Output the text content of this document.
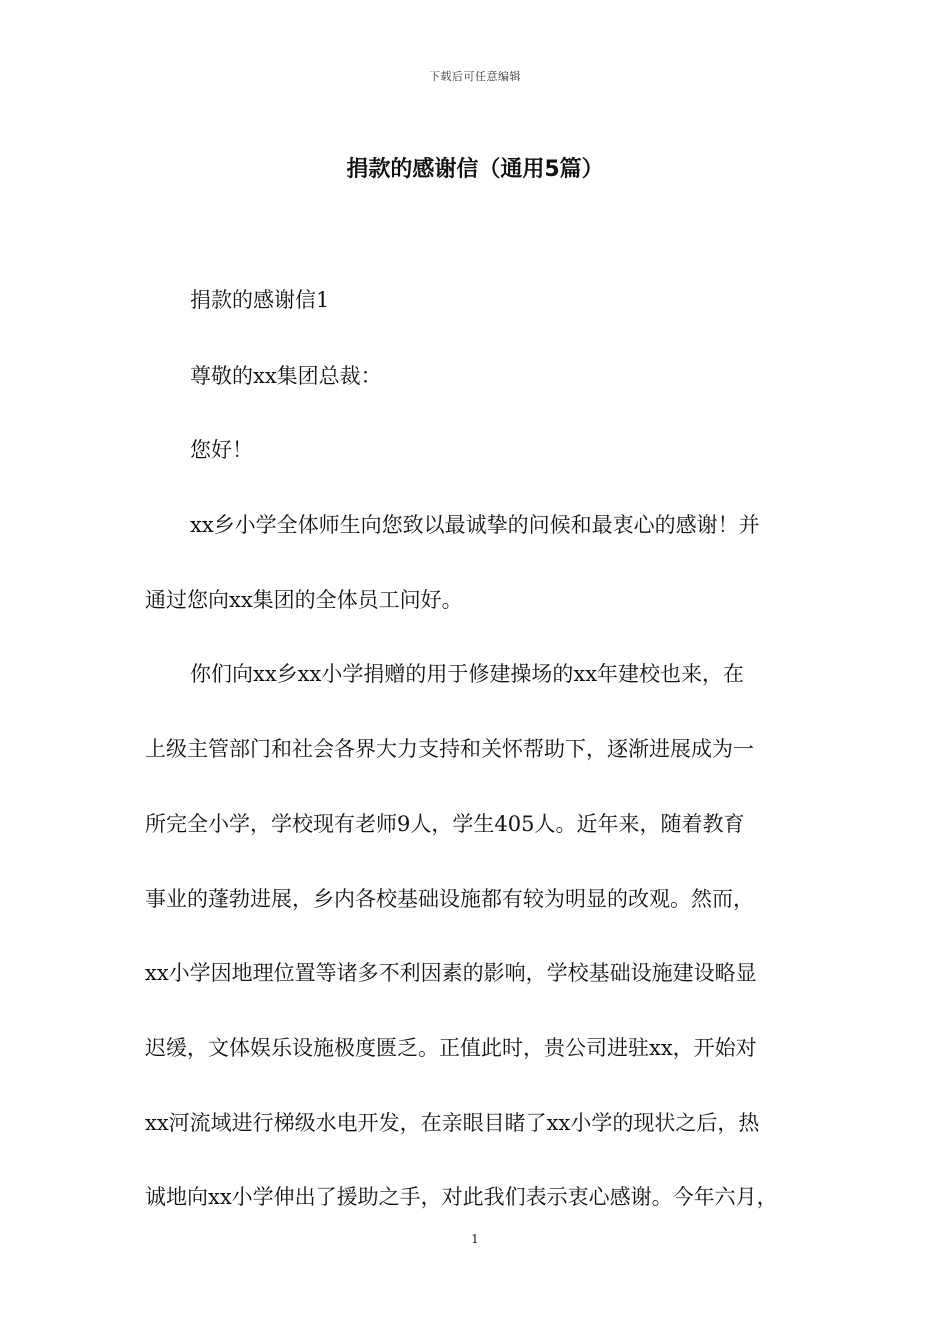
下载后可任意编辑
捐款的感谢信（通用5篇）
捐款的感谢信1
尊敬的xx集团总裁：
您好！
xx乡小学全体师生向您致以最诚挚的问候和最衷心的感谢！并
通过您向xx集团的全体员工问好。
你们向xx乡xx小学捐赠的用于修建操场的xx年建校也来，在
上级主管部门和社会各界大力支持和关怀帮助下，逐渐进展成为一
所完全小学，学校现有老师9人，学生405人。近年来，随着教育
事业的蓬勃进展，乡内各校基础设施都有较为明显的改观。然而，
xx小学因地理位置等诸多不利因素的影响，学校基础设施建设略显
迟缓，文体娱乐设施极度匮乏。正值此时，贵公司进驻xx，开始对
xx河流域进行梯级水电开发，在亲眼目睹了xx小学的现状之后，热
诚地向xx小学伸出了援助之手，对此我们表示衷心感谢。今年六月，
1
